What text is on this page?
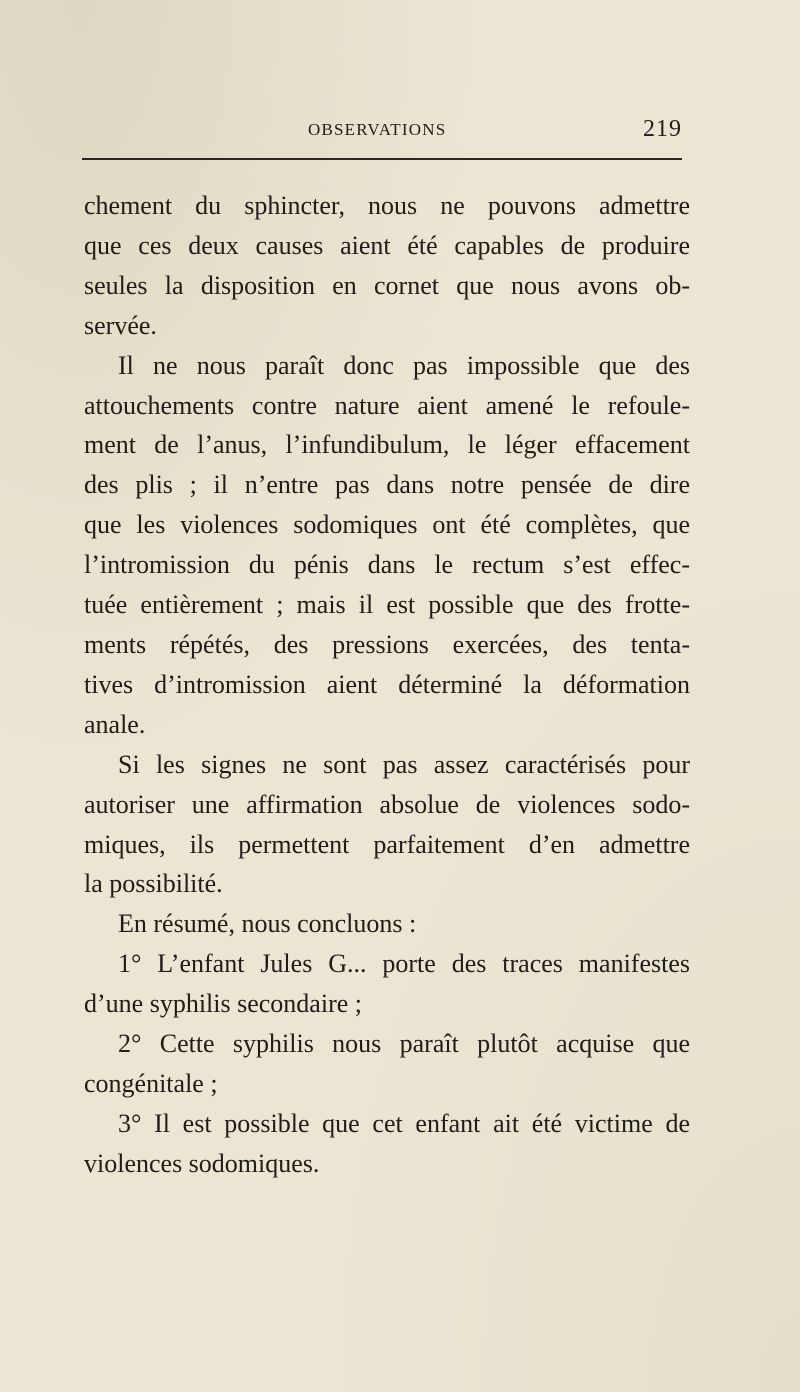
OBSERVATIONS	219
chement du sphincter, nous ne pouvons admettre
que ces deux causes aient été capables de produire
seules la disposition en cornet que nous avons ob-
servée.
Il ne nous paraît donc pas impossible que des
attouchements contre nature aient amené le refoule-
ment de l’anus, l’infundibulum, le léger effacement
des plis ; il n’entre pas dans notre pensée de dire
que les violences sodomiques ont été complètes, que
l’intromission du pénis dans le rectum s’est effec-
tuée entièrement ; mais il est possible que des frotte-
ments répétés, des pressions exercées, des tenta-
tives d’intromission aient déterminé la déformation
anale.
Si les signes ne sont pas assez caractérisés pour
autoriser une affirmation absolue de violences sodo-
miques, ils permettent parfaitement d’en admettre
la possibilité.
En résumé, nous concluons :
1° L’enfant Jules G... porte des traces manifestes
d’une syphilis secondaire ;
2° Cette syphilis nous paraît plutôt acquise que
congénitale ;
3° Il est possible que cet enfant ait été victime de
violences sodomiques.
